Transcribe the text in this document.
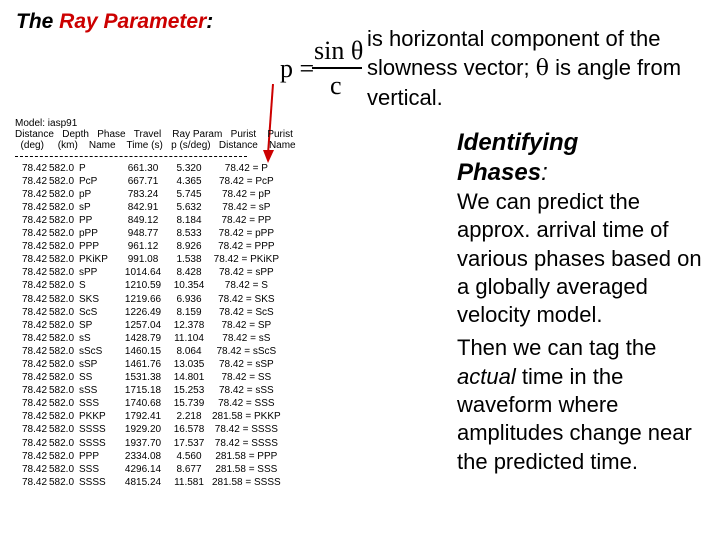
The Ray Parameter:
p =
sin θ
c
is horizontal component of the slowness vector; θ is angle from vertical.
Model: iasp91
Distance   Depth   Phase   Travel    Ray Param   Purist    Purist
(deg)     (km)    Name    Time (s)   p (s/deg)   Distance    Name
78.42	582.0	P	661.30	5.320	78.42 = P
78.42	582.0	PcP	667.71	4.365	78.42 = PcP
78.42	582.0	pP	783.24	5.745	78.42 = pP
78.42	582.0	sP	842.91	5.632	78.42 = sP
78.42	582.0	PP	849.12	8.184	78.42 = PP
78.42	582.0	pPP	948.77	8.533	78.42 = pPP
78.42	582.0	PPP	961.12	8.926	78.42 = PPP
78.42	582.0	PKiKP	991.08	1.538	78.42 = PKiKP
78.42	582.0	sPP	1014.64	8.428	78.42 = sPP
78.42	582.0	S	1210.59	10.354	78.42 = S
78.42	582.0	SKS	1219.66	6.936	78.42 = SKS
78.42	582.0	ScS	1226.49	8.159	78.42 = ScS
78.42	582.0	SP	1257.04	12.378	78.42 = SP
78.42	582.0	sS	1428.79	11.104	78.42 = sS
78.42	582.0	sScS	1460.15	8.064	78.42 = sScS
78.42	582.0	sSP	1461.76	13.035	78.42 = sSP
78.42	582.0	SS	1531.38	14.801	78.42 = SS
78.42	582.0	sSS	1715.18	15.253	78.42 = sSS
78.42	582.0	SSS	1740.68	15.739	78.42 = SSS
78.42	582.0	PKKP	1792.41	2.218	281.58 = PKKP
78.42	582.0	SSSS	1929.20	16.578	78.42 = SSSS
78.42	582.0	SSSS	1937.70	17.537	78.42 = SSSS
78.42	582.0	PPP	2334.08	4.560	281.58 = PPP
78.42	582.0	SSS	4296.14	8.677	281.58 = SSS
78.42	582.0	SSSS	4815.24	11.581	281.58 = SSSS
Identifying
Phases:

We can predict the approx. arrival time of various phases based on a globally averaged velocity model.

Then we can tag the actual time in the waveform where amplitudes change near the predicted time.
